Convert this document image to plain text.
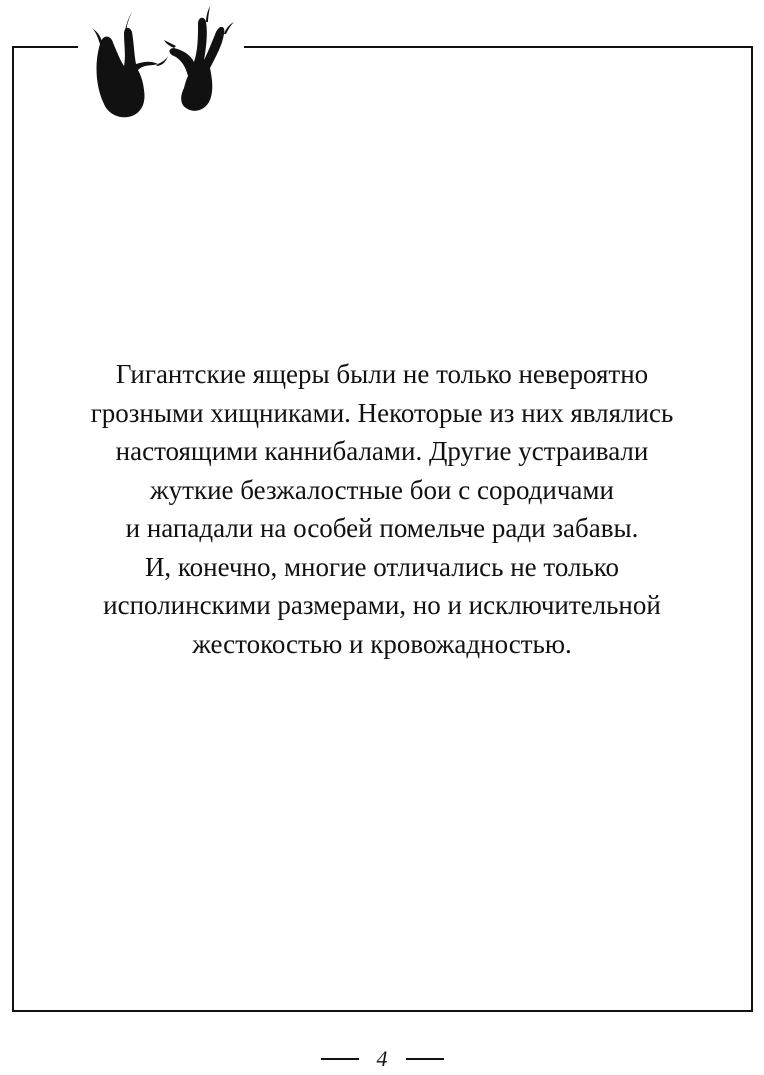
Гигантские ящеры были не только невероятно
грозными хищниками. Некоторые из них являлись
настоящими каннибалами. Другие устраивали
жуткие безжалостные бои с сородичами
и нападали на особей помельче ради забавы.
И, конечно, многие отличались не только
исполинскими размерами, но и исключительной
жестокостью и кровожадностью.

4
